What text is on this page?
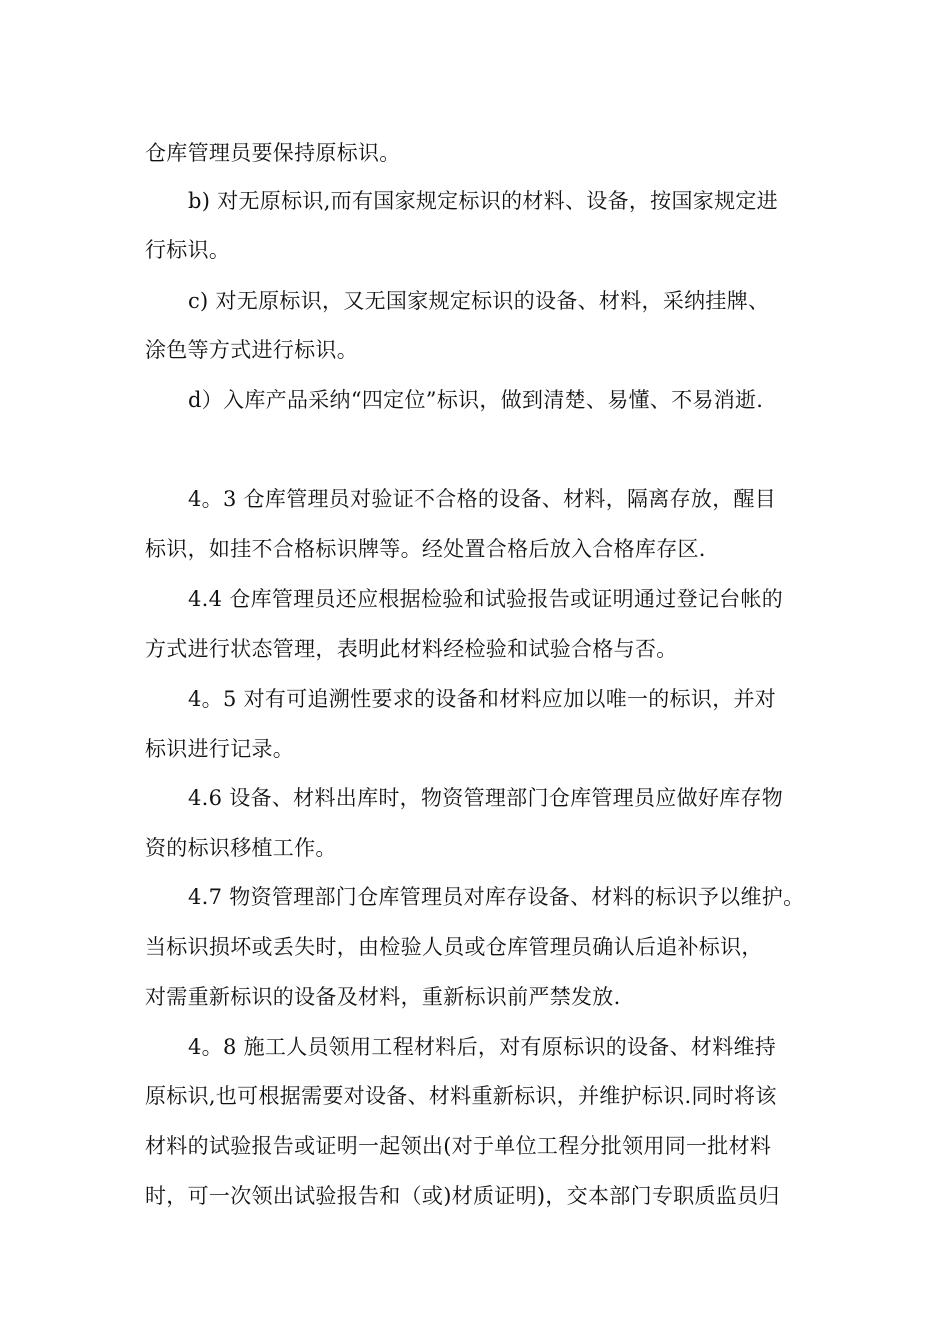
仓库管理员要保持原标识。
b) 对无原标识,而有国家规定标识的材料、设备，按国家规定进
行标识。
c) 对无原标识，又无国家规定标识的设备、材料，采纳挂牌、
涂色等方式进行标识。
d）入库产品采纳“四定位”标识，做到清楚、易懂、不易消逝.
4。3 仓库管理员对验证不合格的设备、材料，隔离存放，醒目
标识，如挂不合格标识牌等。经处置合格后放入合格库存区.
4.4 仓库管理员还应根据检验和试验报告或证明通过登记台帐的
方式进行状态管理，表明此材料经检验和试验合格与否。
4。5 对有可追溯性要求的设备和材料应加以唯一的标识，并对
标识进行记录。
4.6 设备、材料出库时，物资管理部门仓库管理员应做好库存物
资的标识移植工作。
4.7 物资管理部门仓库管理员对库存设备、材料的标识予以维护。
当标识损坏或丢失时，由检验人员或仓库管理员确认后追补标识，
对需重新标识的设备及材料，重新标识前严禁发放.
4。8 施工人员领用工程材料后，对有原标识的设备、材料维持
原标识,也可根据需要对设备、材料重新标识，并维护标识.同时将该
材料的试验报告或证明一起领出(对于单位工程分批领用同一批材料
时，可一次领出试验报告和（或)材质证明)，交本部门专职质监员归
